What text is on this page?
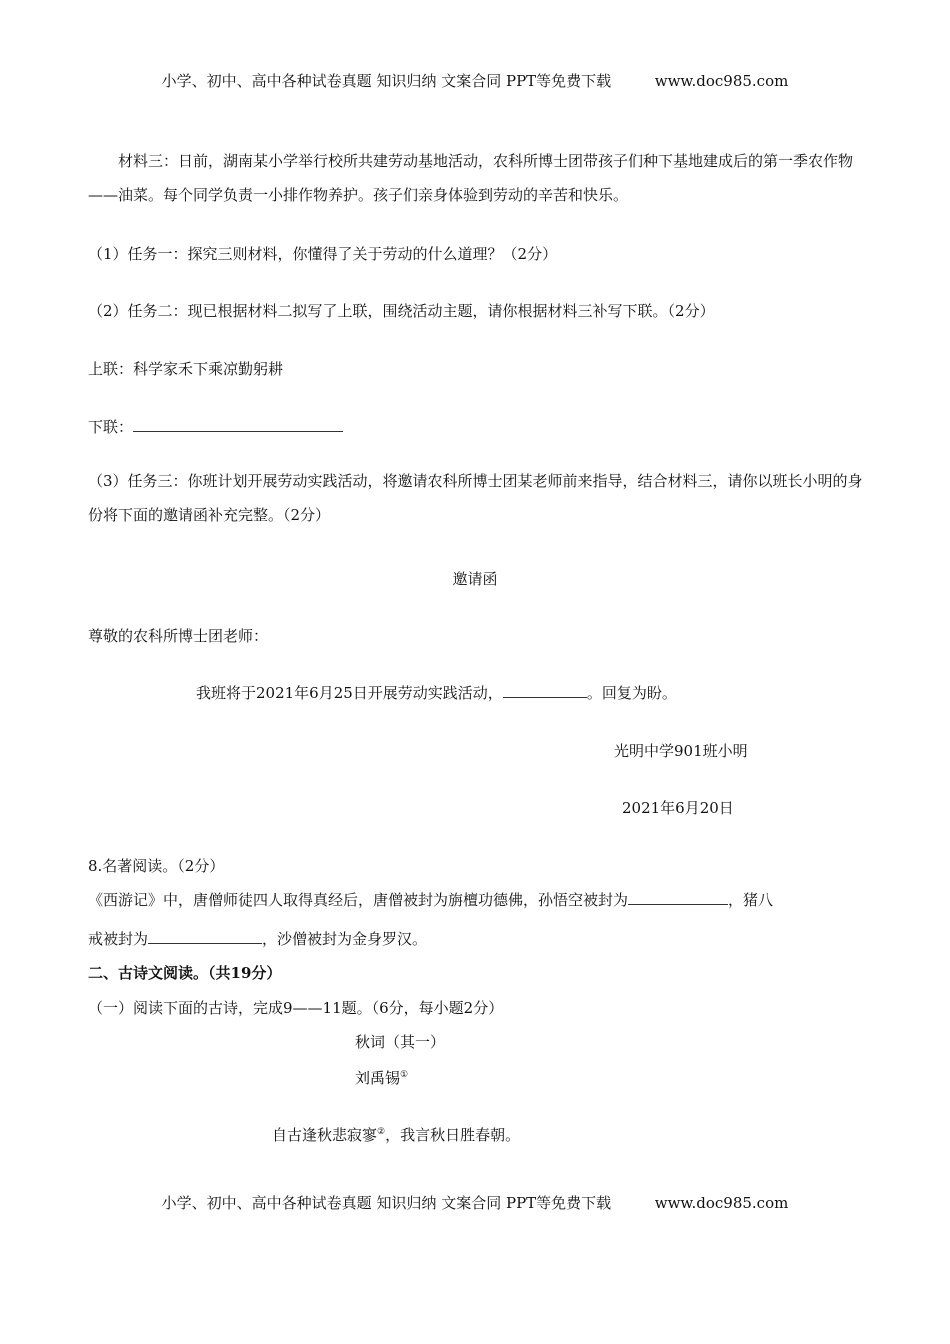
小学、初中、高中各种试卷真题 知识归纳 文案合同 PPT等免费下载	www.doc985.com
材料三：日前，湖南某小学举行校所共建劳动基地活动，农科所博士团带孩子们种下基地建成后的第一季农作物——油菜。每个同学负责一小排作物养护。孩子们亲身体验到劳动的辛苦和快乐。
（1）任务一：探究三则材料，你懂得了关于劳动的什么道理？（2分）
（2）任务二：现已根据材料二拟写了上联，围绕活动主题，请你根据材料三补写下联。（2分）
上联：科学家禾下乘凉勤躬耕
下联：
（3）任务三：你班计划开展劳动实践活动，将邀请农科所博士团某老师前来指导，结合材料三，请你以班长小明的身份将下面的邀请函补充完整。（2分）
邀请函
尊敬的农科所博士团老师：
我班将于2021年6月25日开展劳动实践活动，	。回复为盼。
光明中学901班小明
2021年6月20日
8.名著阅读。（2分）
《西游记》中，唐僧师徒四人取得真经后，唐僧被封为旃檀功德佛，孙悟空被封为	，猪八
戒被封为	，沙僧被封为金身罗汉。
二、古诗文阅读。（共19分）
（一）阅读下面的古诗，完成9——11题。（6分，每小题2分）
秋词（其一）
刘禹锡①
自古逢秋悲寂寥②，我言秋日胜春朝。
小学、初中、高中各种试卷真题 知识归纳 文案合同 PPT等免费下载	www.doc985.com
